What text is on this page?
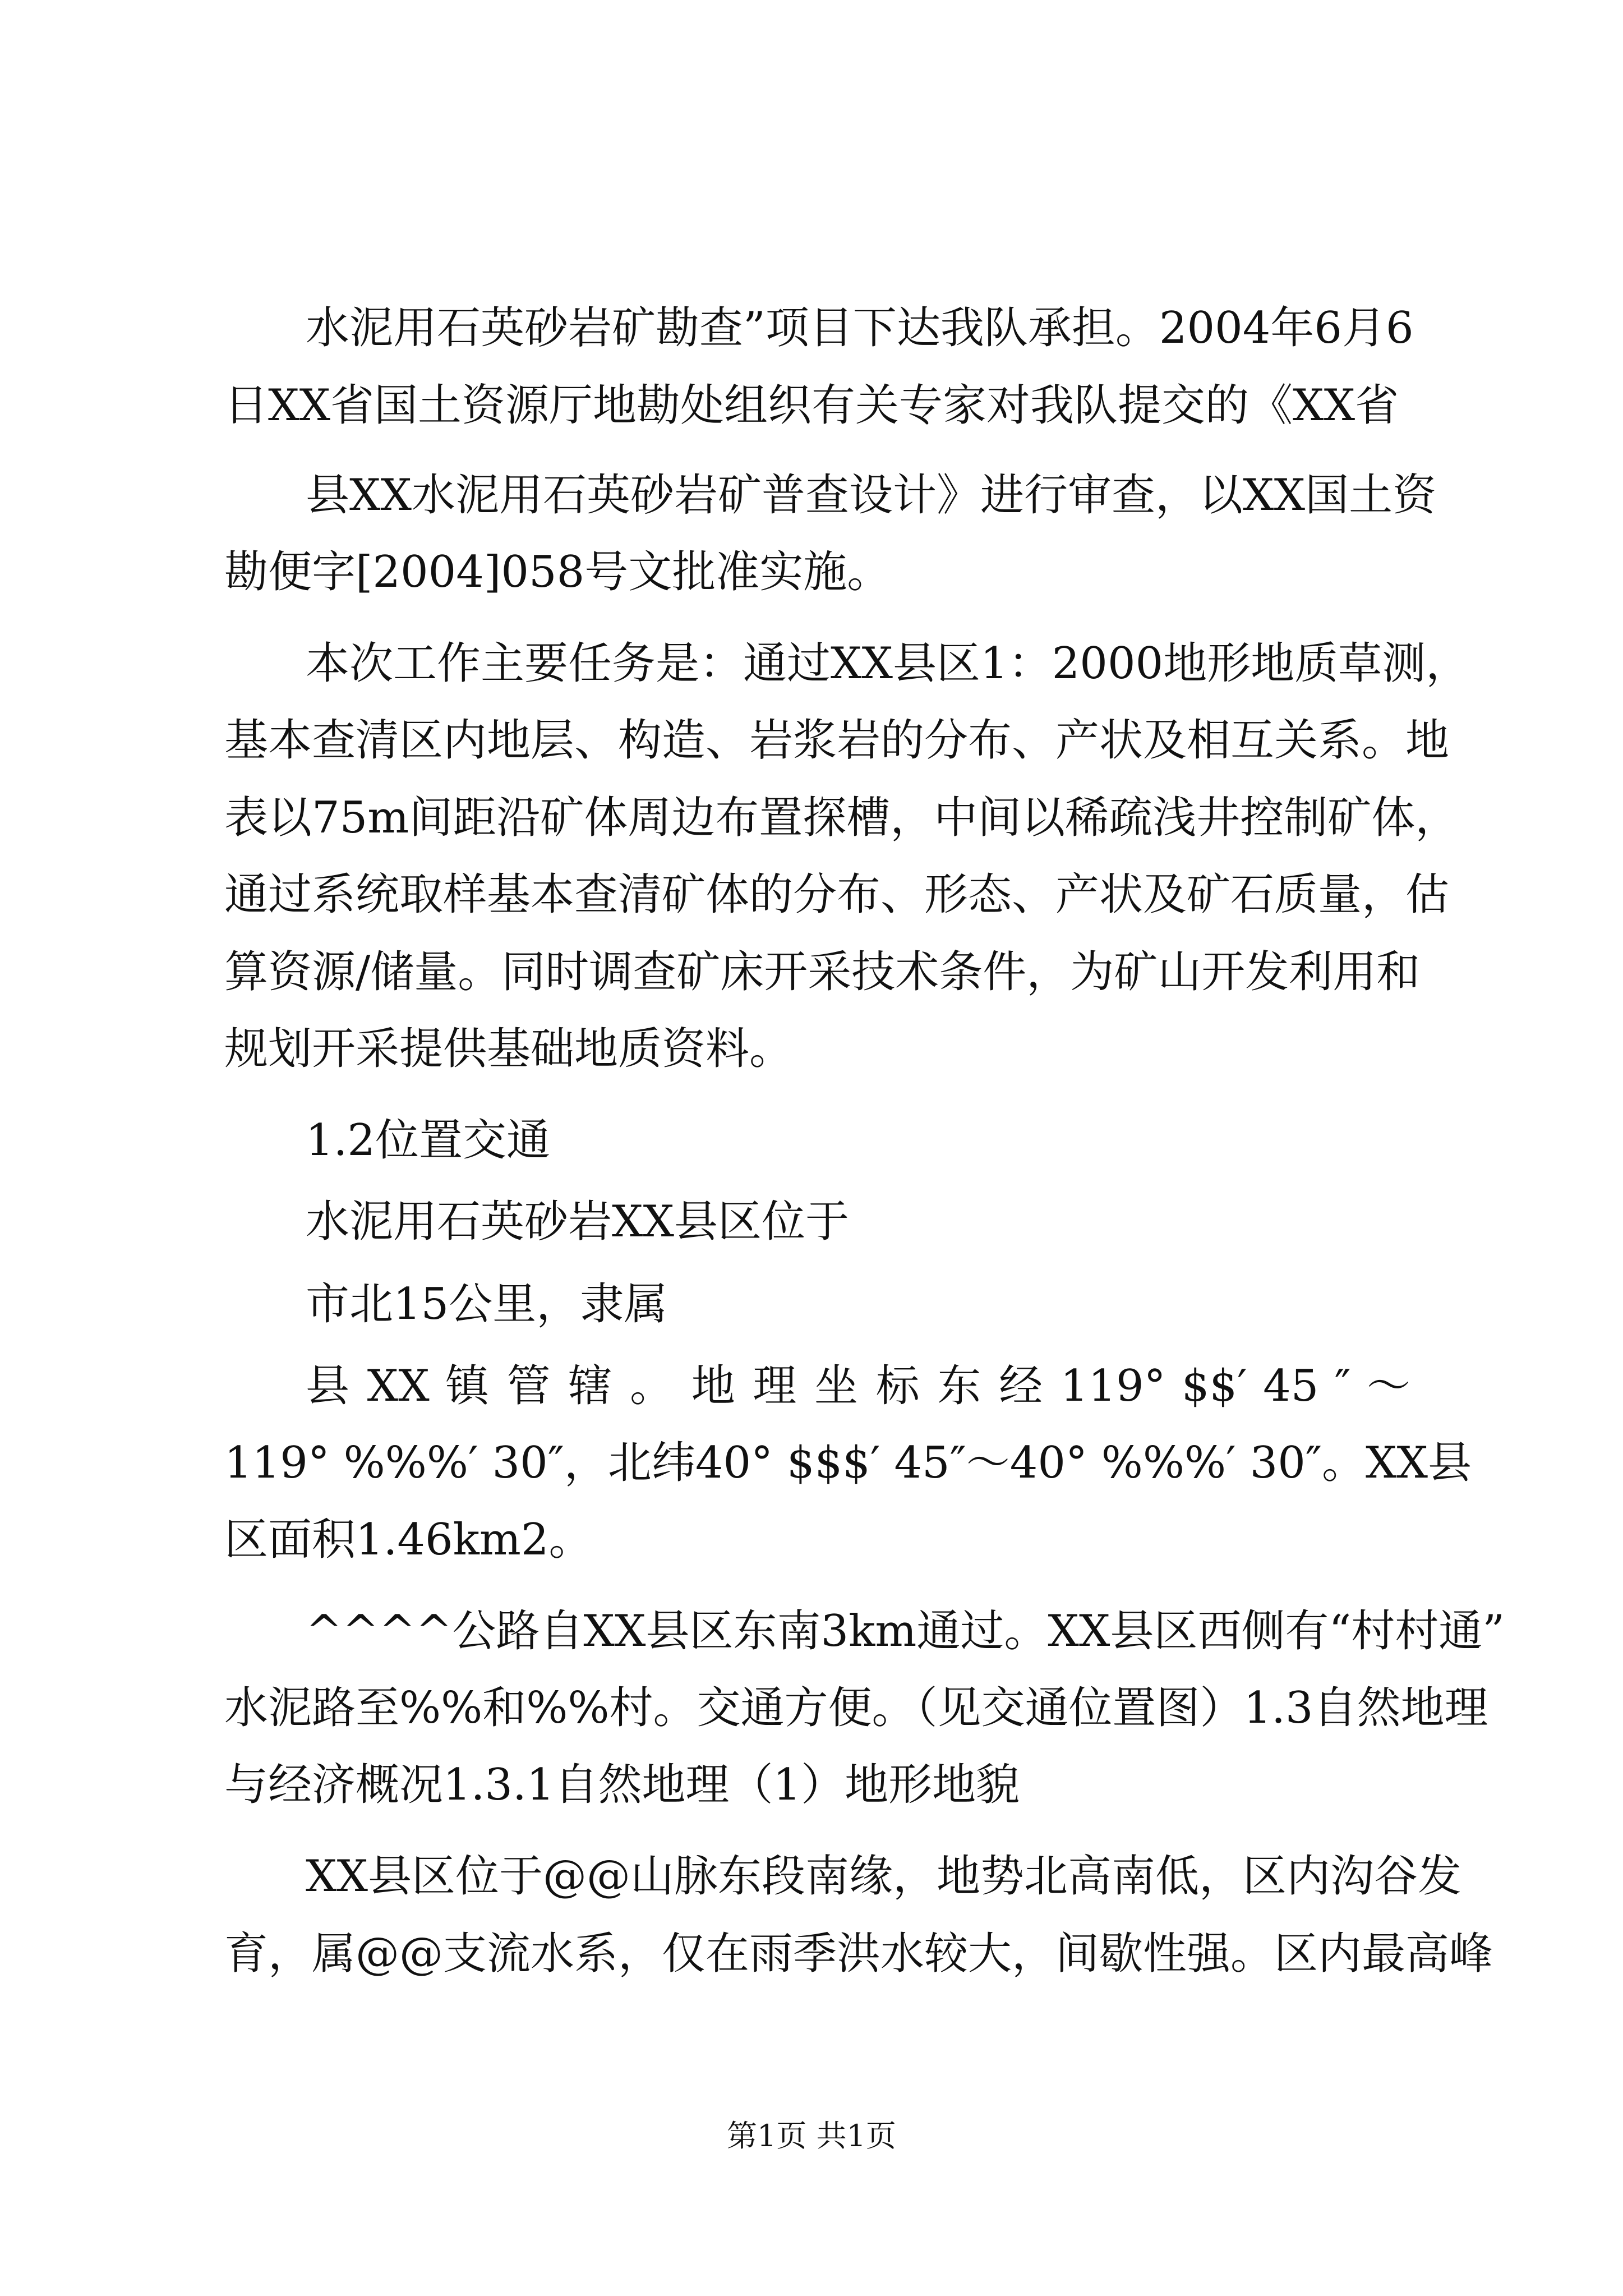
水泥用石英砂岩矿勘查”项目下达我队承担。2004年6月6
日XX省国土资源厅地勘处组织有关专家对我队提交的《XX省
县XX水泥用石英砂岩矿普查设计》进行审查，以XX国土资
勘便字[2004]058号文批准实施。
本次工作主要任务是：通过XX县区1：2000地形地质草测，
基本查清区内地层、构造、岩浆岩的分布、产状及相互关系。地
表以75m间距沿矿体周边布置探槽，中间以稀疏浅井控制矿体，
通过系统取样基本查清矿体的分布、形态、产状及矿石质量，估
算资源/储量。同时调查矿床开采技术条件，为矿山开发利用和
规划开采提供基础地质资料。
1.2位置交通
水泥用石英砂岩XX县区位于
市北15公里，隶属
县 XX 镇 管 辖 。 地 理 坐 标 东 经 119° $$′ 45 ″ ～
119° %%%′ 30″，北纬40° $$$′ 45″～40° %%%′ 30″。XX县
区面积1.46km2。
^^^^公路自XX县区东南3km通过。XX县区西侧有“村村通”
水泥路至%%和%%村。交通方便。（见交通位置图）1.3自然地理
与经济概况1.3.1自然地理（1）地形地貌
XX县区位于@@山脉东段南缘，地势北高南低，区内沟谷发
育，属@@支流水系，仅在雨季洪水较大，间歇性强。区内最高峰
第1页 共1页
